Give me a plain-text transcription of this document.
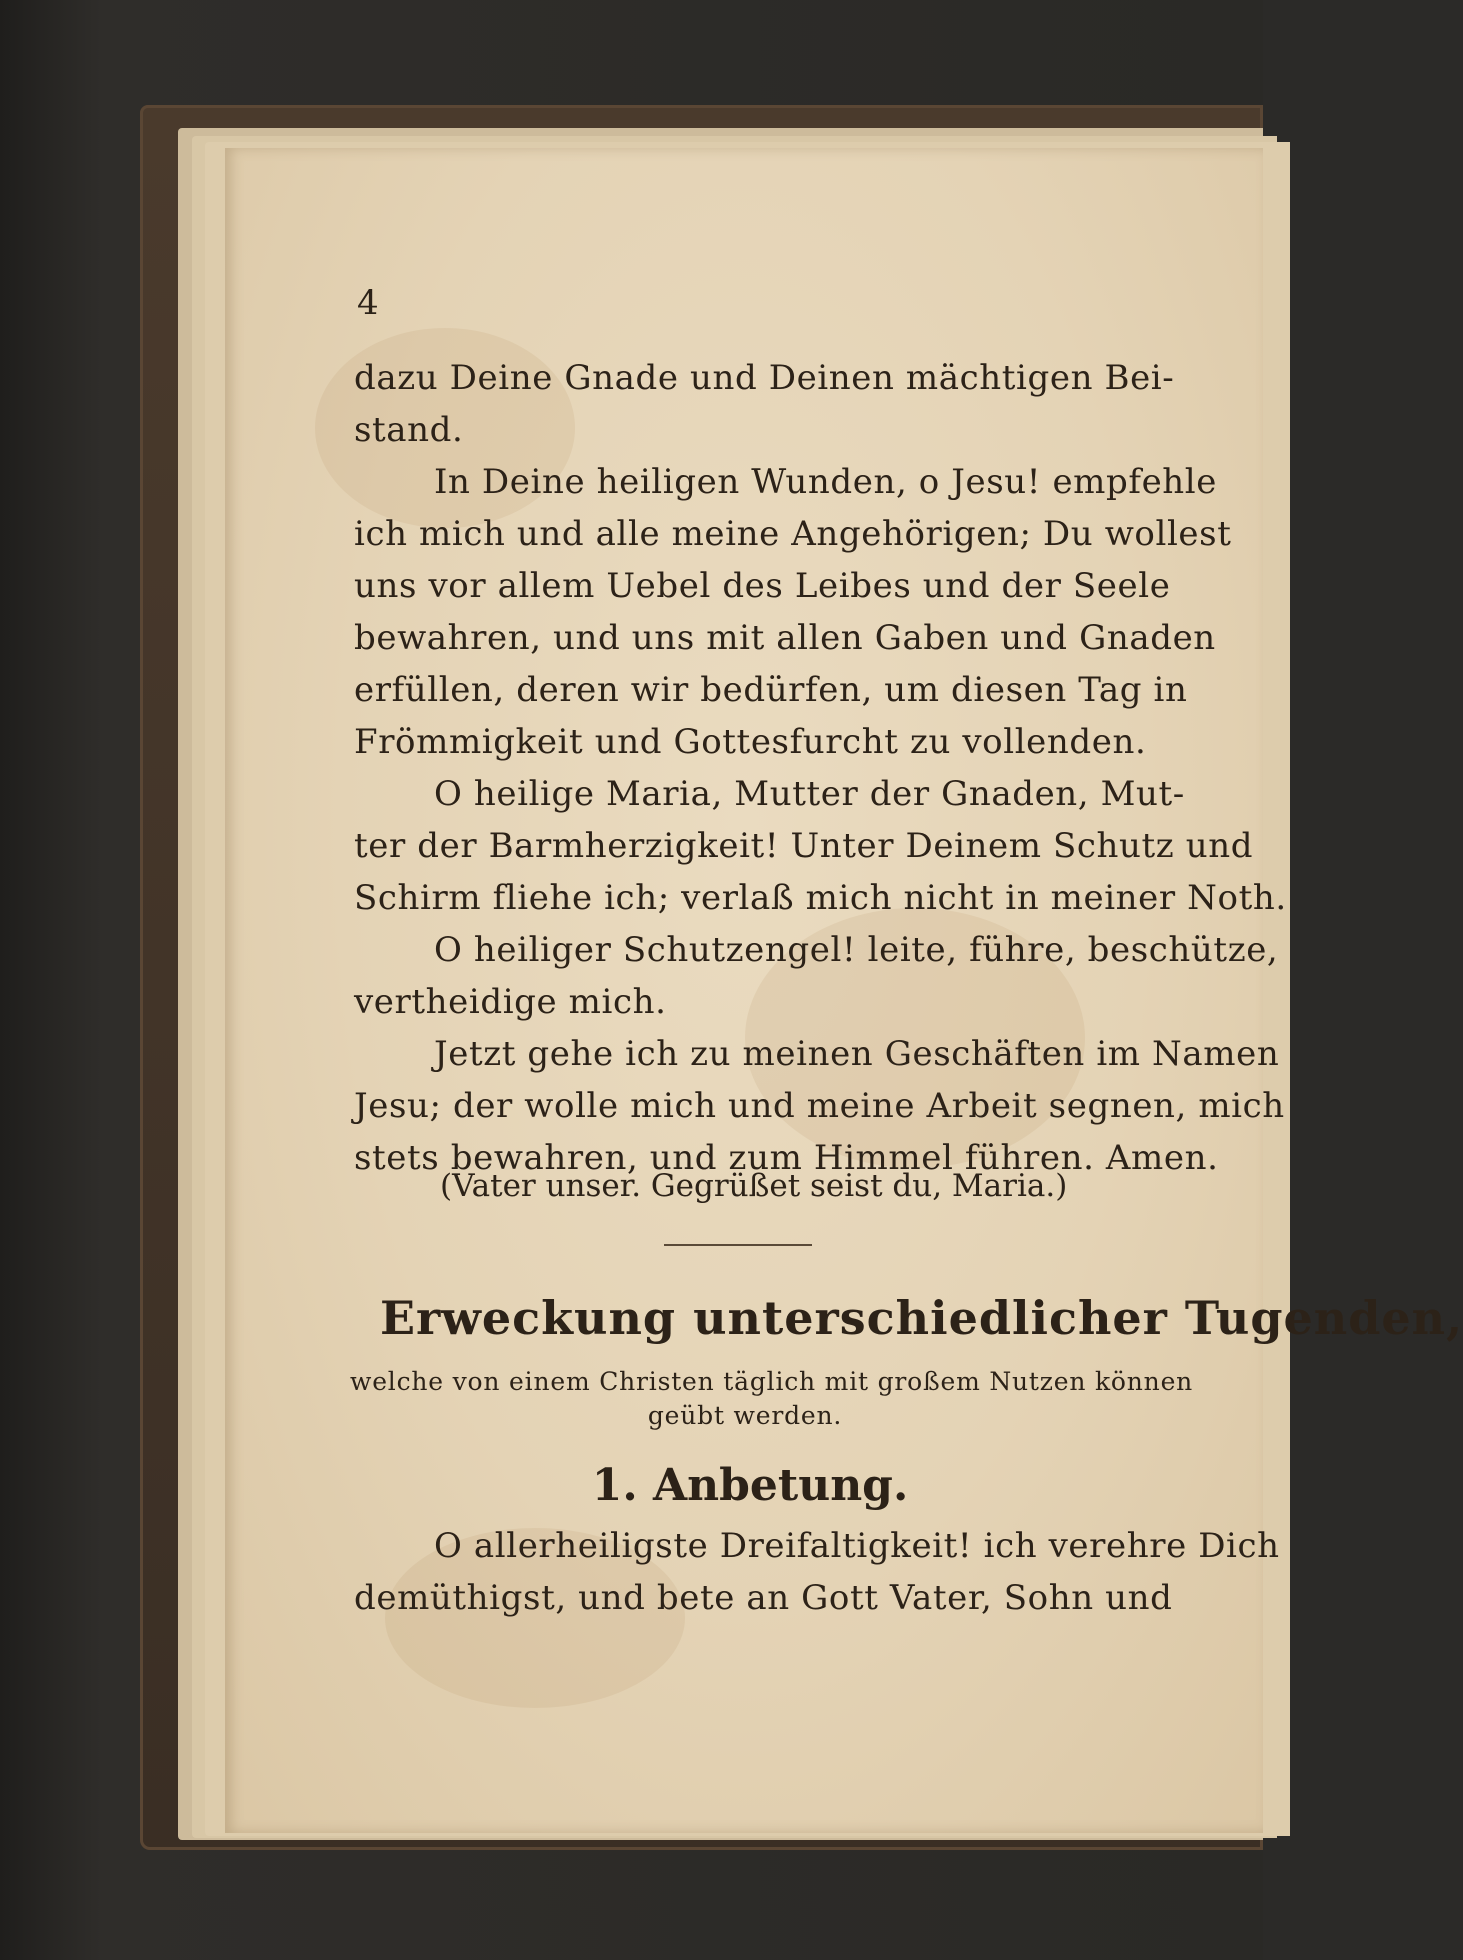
4
dazu Deine Gnade und Deinen mächtigen Bei-
stand.
In Deine heiligen Wunden, o Jesu! empfehle
ich mich und alle meine Angehörigen; Du wollest
uns vor allem Uebel des Leibes und der Seele
bewahren, und uns mit allen Gaben und Gnaden
erfüllen, deren wir bedürfen, um diesen Tag in
Frömmigkeit und Gottesfurcht zu vollenden.
O heilige Maria, Mutter der Gnaden, Mut-
ter der Barmherzigkeit! Unter Deinem Schutz und
Schirm fliehe ich; verlaß mich nicht in meiner Noth.
O heiliger Schutzengel! leite, führe, beschütze,
vertheidige mich.
Jetzt gehe ich zu meinen Geschäften im Namen
Jesu; der wolle mich und meine Arbeit segnen, mich
stets bewahren, und zum Himmel führen. Amen.
(Vater unser. Gegrüßet seist du, Maria.)
Erweckung unterschiedlicher Tugenden,
welche von einem Christen täglich mit großem Nutzen können
geübt werden.
1. Anbetung.
O allerheiligste Dreifaltigkeit! ich verehre Dich
demüthigst, und bete an Gott Vater, Sohn und
